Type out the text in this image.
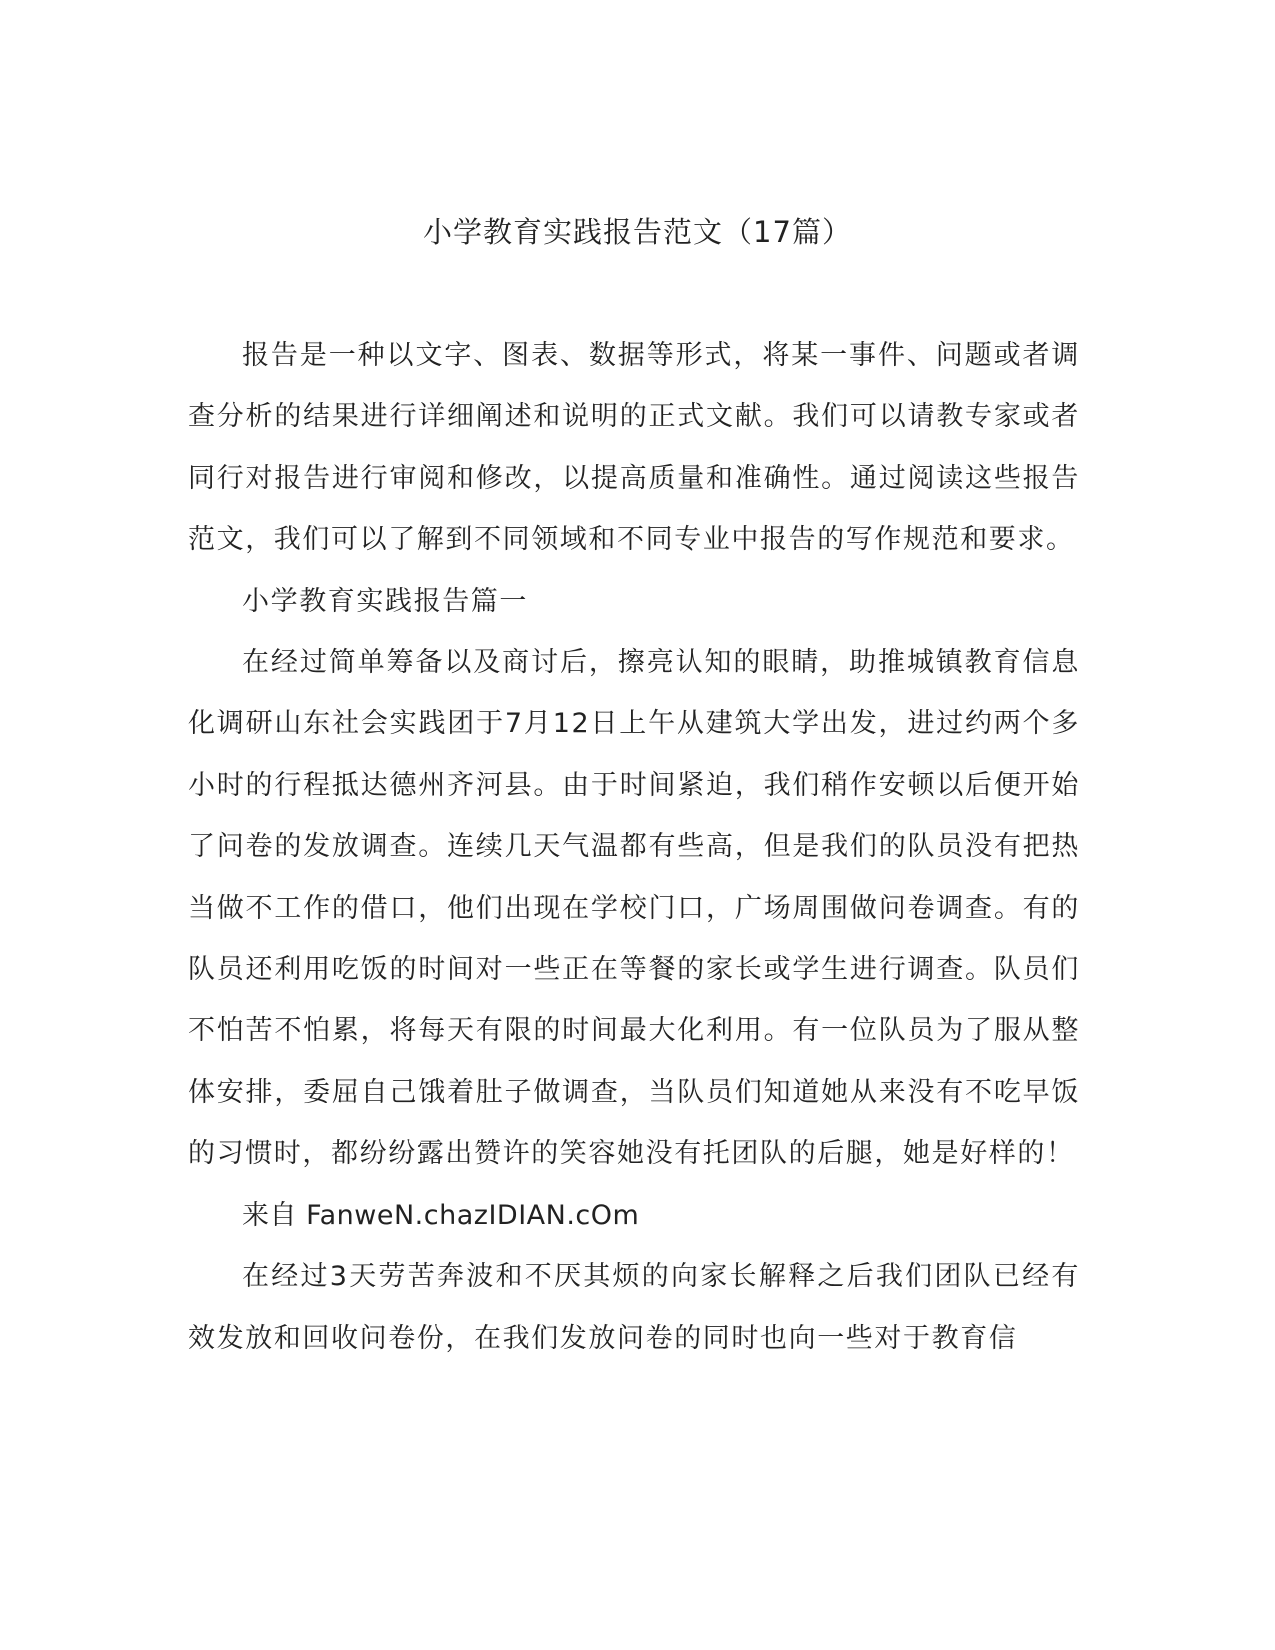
小学教育实践报告范文（17篇）

报告是一种以文字、图表、数据等形式，将某一事件、问题或者调查分析的结果进行详细阐述和说明的正式文献。我们可以请教专家或者同行对报告进行审阅和修改，以提高质量和准确性。通过阅读这些报告范文，我们可以了解到不同领域和不同专业中报告的写作规范和要求。

小学教育实践报告篇一

在经过简单筹备以及商讨后，擦亮认知的眼睛，助推城镇教育信息化调研山东社会实践团于7月12日上午从建筑大学出发，进过约两个多小时的行程抵达德州齐河县。由于时间紧迫，我们稍作安顿以后便开始了问卷的发放调查。连续几天气温都有些高，但是我们的队员没有把热当做不工作的借口，他们出现在学校门口，广场周围做问卷调查。有的队员还利用吃饭的时间对一些正在等餐的家长或学生进行调查。队员们不怕苦不怕累，将每天有限的时间最大化利用。有一位队员为了服从整体安排，委屈自己饿着肚子做调查，当队员们知道她从来没有不吃早饭的习惯时，都纷纷露出赞许的笑容她没有托团队的后腿，她是好样的！

来自 FanweN.chazIDIAN.cOm

在经过3天劳苦奔波和不厌其烦的向家长解释之后我们团队已经有效发放和回收问卷份，在我们发放问卷的同时也向一些对于教育信
